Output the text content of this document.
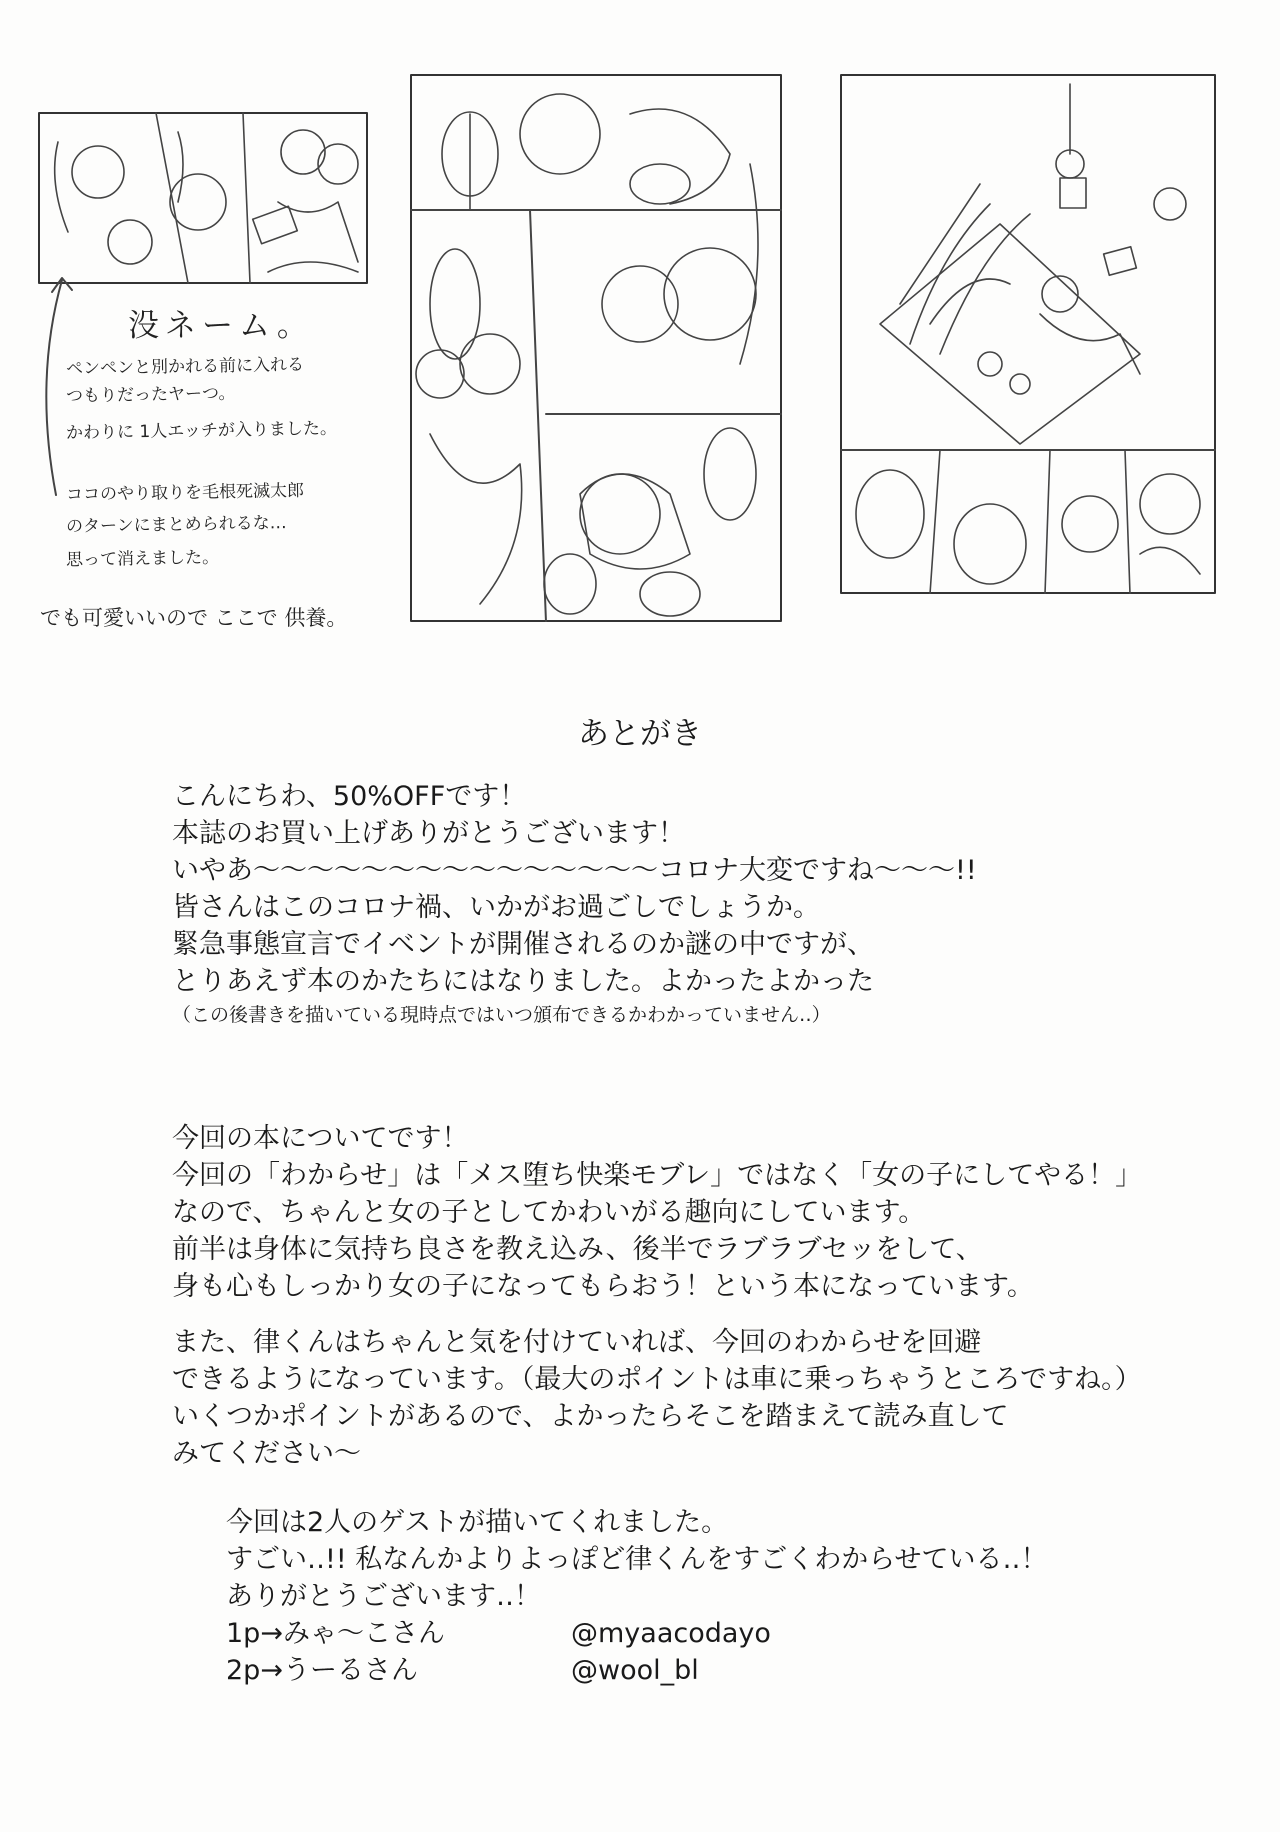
没ネーム。
ペンペンと別かれる前に入れる
つもりだったヤーつ。
かわりに 1人エッチが入りました。
ココのやり取りを毛根死滅太郎
のターンにまとめられるな…
思って消えました。
でも可愛いいので ここで 供養。
あとがき
こんにちわ、50%OFFです！
本誌のお買い上げありがとうございます！
いやあ〜〜〜〜〜〜〜〜〜〜〜〜〜〜〜コロナ大変ですね〜〜〜!!
皆さんはこのコロナ禍、いかがお過ごしでしょうか。
緊急事態宣言でイベントが開催されるのか謎の中ですが、
とりあえず本のかたちにはなりました。よかったよかった
（この後書きを描いている現時点ではいつ頒布できるかわかっていません‥）
今回の本についてです！
今回の「わからせ」は「メス堕ち快楽モブレ」ではなく「女の子にしてやる！」
なので、ちゃんと女の子としてかわいがる趣向にしています。
前半は身体に気持ち良さを教え込み、後半でラブラブセッをして、
身も心もしっかり女の子になってもらおう！という本になっています。
また、律くんはちゃんと気を付けていれば、今回のわからせを回避
できるようになっています。（最大のポイントは車に乗っちゃうところですね。）
いくつかポイントがあるので、よかったらそこを踏まえて読み直して
みてください〜
今回は2人のゲストが描いてくれました。
すごい‥!! 私なんかよりよっぽど律くんをすごくわからせている‥！
ありがとうございます‥！
1p→みゃ〜こさん	@myaacodayo
2p→うーるさん	@wool_bl
